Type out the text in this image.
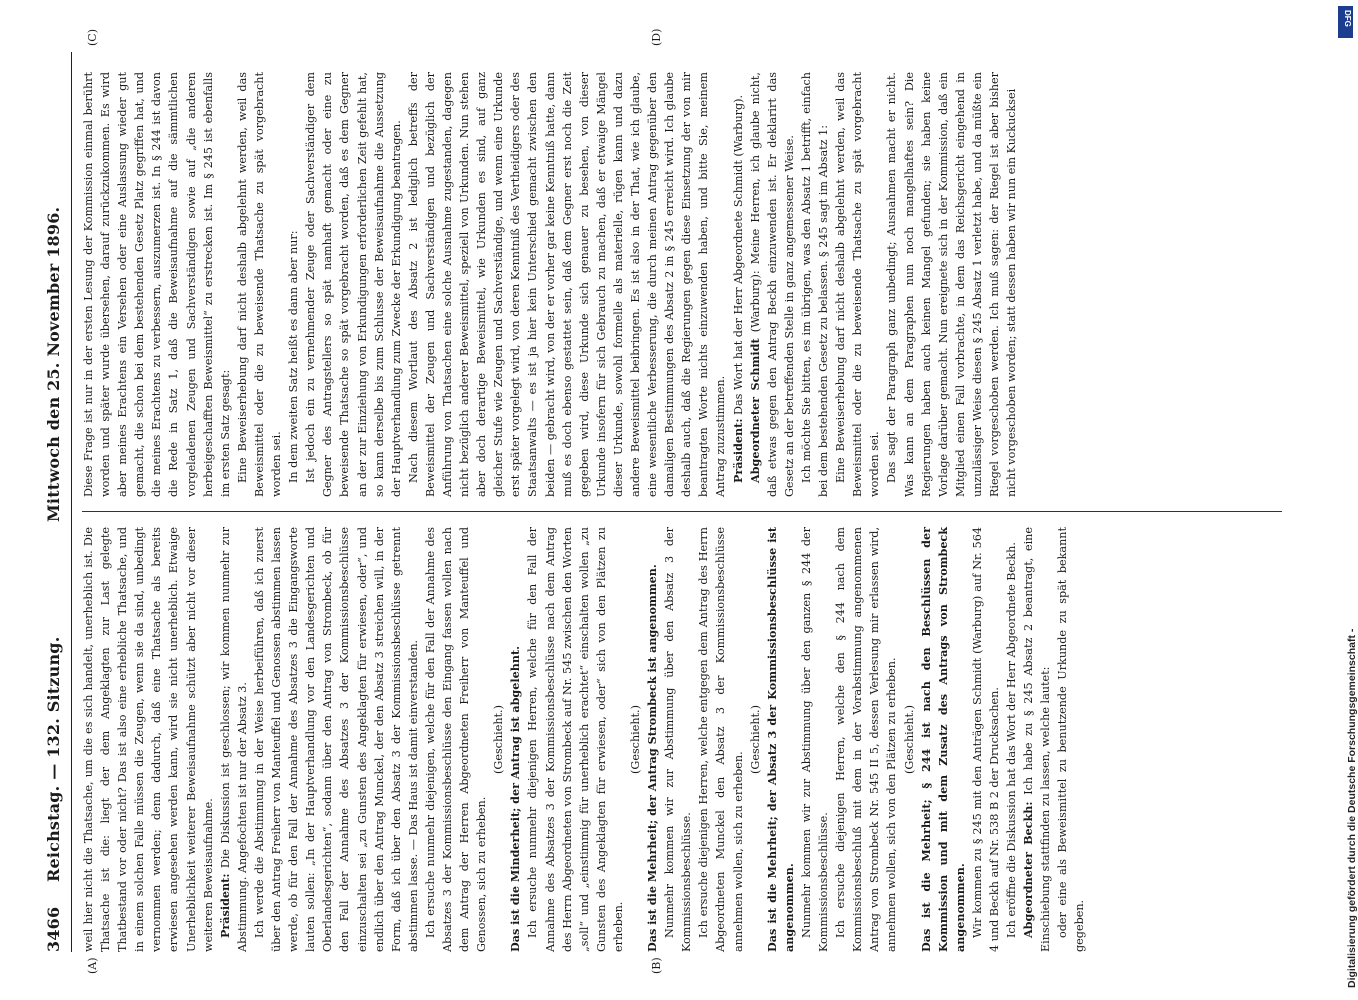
3466
Reichstag. — 132. Sitzung.
Mittwoch den 25. November 1896.
(A)	(B)
(C)	(D)

weil hier nicht die Thatsache, um die es sich handelt, unerheblich ist. Die Thatsache ist die: liegt der dem Angeklagten zur Last gelegte Thatbestand vor oder nicht? Das ist also eine erhebliche Thatsache, und in einem solchen Falle müssen die Zeugen, wenn sie da sind, unbedingt vernommen werden; denn dadurch, daß eine Thatsache als bereits erwiesen angesehen werden kann, wird sie nicht unerheblich. Etwaige Unerheblichkeit weiterer Beweisaufnahme schützt aber nicht vor dieser weiteren Beweisaufnahme. Präsident: Die Diskussion ist geschlossen; wir kommen nunmehr zur Abstimmung. Angefochten ist nur der Absatz 3. Ich werde die Abstimmung in der Weise herbeiführen, daß ich zuerst über den Antrag Freiherr von Manteuffel und Genossen abstimmen lassen werde, ob für den Fall der Annahme des Absatzes 3 die Eingangsworte lauten sollen: „In der Hauptverhandlung vor den Landesgerichten und Oberlandesgerichten“, sodann über den Antrag von Strombeck, ob für den Fall der Annahme des Absatzes 3 der Kommissionsbeschlüsse einzuschalten sei „zu Gunsten des Angeklagten für erwiesen, oder“, und endlich über den Antrag Munckel, der den Absatz 3 streichen will, in der Form, daß ich über den Absatz 3 der Kommissionsbeschlüsse getrennt abstimmen lasse. — Das Haus ist damit einverstanden. Ich ersuche nunmehr diejenigen, welche für den Fall der Annahme des Absatzes 3 der Kommissionsbeschlüsse den Eingang fassen wollen nach dem Antrag der Herren Abgeordneten Freiherr von Manteuffel und Genossen, sich zu erheben.

(Geschieht.) Das ist die Minderheit; der Antrag ist abgelehnt. Ich ersuche nunmehr diejenigen Herren, welche für den Fall der Annahme des Absatzes 3 der Kommissionsbeschlüsse nach dem Antrag des Herrn Abgeordneten von Strombeck auf Nr. 545 zwischen den Worten „soll“ und „einstimmig für unerheblich erachtet“ einschalten wollen „zu Gunsten des Angeklagten für erwiesen, oder“ sich von den Plätzen zu erheben.

(Geschieht.) Das ist die Mehrheit; der Antrag Strombeck ist angenommen. Nunmehr kommen wir zur Abstimmung über den Absatz 3 der Kommissionsbeschlüsse. Ich ersuche diejenigen Herren, welche entgegen dem Antrag des Herrn Abgeordneten Munckel den Absatz 3 der Kommissionsbeschlüsse annehmen wollen, sich zu erheben.

(Geschieht.) Das ist die Mehrheit; der Absatz 3 der Kommissionsbeschlüsse ist angenommen. Nunmehr kommen wir zur Abstimmung über den ganzen § 244 der Kommissionsbeschlüsse. Ich ersuche diejenigen Herren, welche den § 244 nach dem Kommissionsbeschluß mit dem in der Vorabstimmung angenommenen Antrag von Strombeck Nr. 545 II 5, dessen Verlesung mir erlassen wird, annehmen wollen, sich von den Plätzen zu erheben. (Geschieht.) Das ist die Mehrheit; § 244 ist nach den Beschlüssen der Kommission und mit dem Zusatz des Antrags von Strombeck angenommen. Wir kommen zu § 245 mit den Anträgen Schmidt (Warburg) auf Nr. 564 4 und Beckh auf Nr. 538 B 2 der Drucksachen. Ich eröffne die Diskussion hat das Wort der Herr Abgeordnete Beckh. Abgeordneter Beckh: Ich habe zu § 245 Absatz 2 beantragt, eine Einschiebung stattfinden zu lassen, welche lautet: oder eine als Beweismittel zu benutzende Urkunde zu spät bekannt gegeben.

Diese Frage ist nur in der ersten Lesung der Kommission einmal berührt worden und später wurde übersehen, darauf zurückzukommen. Es wird aber meines Erachtens ein Versehen oder eine Auslassung wieder gut gemacht, die schon bei dem bestehenden Gesetz Platz gegriffen hat, und die meines Erachtens zu verbessern, auszumerzen ist. In § 244 ist davon die Rede in Satz 1, daß die Beweisaufnahme auf die sämmtlichen vorgeladenen Zeugen und Sachverständigen sowie auf „die anderen herbeigeschafften Beweismittel“ zu erstrecken ist. Im § 245 ist ebenfalls im ersten Satz gesagt: Eine Beweiserhebung darf nicht deshalb abgelehnt werden, weil das Beweismittel oder die zu beweisende Thatsache zu spät vorgebracht worden sei. In dem zweiten Satz heißt es dann aber nur: Ist jedoch ein zu vernehmender Zeuge oder Sachverständiger dem Gegner des Antragstellers so spät namhaft gemacht oder eine zu beweisende Thatsache so spät vorgebracht worden, daß es dem Gegner an der zur Einziehung von Erkundigungen erforderlichen Zeit gefehlt hat, so kann derselbe bis zum Schlusse der Beweisaufnahme die Aussetzung der Hauptverhandlung zum Zwecke der Erkundigung beantragen. Nach diesem Wortlaut des Absatz 2 ist lediglich betreffs der Beweismittel der Zeugen und Sachverständigen und bezüglich der Anführung von Thatsachen eine solche Ausnahme zugestanden, dagegen nicht bezüglich anderer Beweismittel, speziell von Urkunden. Nun stehen aber doch derartige Beweismittel, wie Urkunden es sind, auf ganz gleicher Stufe wie Zeugen und Sachverständige, und wenn eine Urkunde erst später vorgelegt wird, von deren Kenntniß des Vertheidigers oder des Staatsanwalts — es ist ja hier kein Unterschied gemacht zwischen den beiden — gebracht wird, von der er vorher gar keine Kenntniß hatte, dann muß es doch ebenso gestattet sein, daß dem Gegner erst noch die Zeit gegeben wird, diese Urkunde sich genauer zu besehen, von dieser Urkunde insofern für sich Gebrauch zu machen, daß er etwaige Mängel dieser Urkunde, sowohl formelle als materielle, rügen kann und dazu andere Beweismittel beibringen. Es ist also in der That, wie ich glaube, eine wesentliche Verbesserung, die durch meinen Antrag gegenüber den damaligen Bestimmungen des Absatz 2 in § 245 erreicht wird. Ich glaube deshalb auch, daß die Regierungen gegen diese Einsetzung der von mir beantragten Worte nichts einzuwenden haben, und bitte Sie, meinem Antrag zuzustimmen. Präsident: Das Wort hat der Herr Abgeordnete Schmidt (Warburg). Abgeordneter Schmidt (Warburg): Meine Herren, ich glaube nicht, daß etwas gegen den Antrag Beckh einzuwenden ist. Er deklarirt das Gesetz an der betreffenden Stelle in ganz angemessener Weise. Ich möchte Sie bitten, es im übrigen, was den Absatz 1 betrifft, einfach bei dem bestehenden Gesetz zu belassen. § 245 sagt im Absatz 1: Eine Beweiserhebung darf nicht deshalb abgelehnt werden, weil das Beweismittel oder die zu beweisende Thatsache zu spät vorgebracht worden sei. Das sagt der Paragraph ganz unbedingt; Ausnahmen macht er nicht. Was kann an dem Paragraphen nun noch mangelhaftes sein? Die Regierungen haben auch keinen Mangel gefunden; sie haben keine Vorlage darüber gemacht. Nun ereignete sich in der Kommission, daß ein Mitglied einen Fall vorbrachte, in dem das Reichsgericht eingehend in unzulässiger Weise diesen § 245 Absatz 1 verletzt habe, und da müßte ein Riegel vorgeschoben werden. Ich muß sagen: der Riegel ist aber bisher nicht vorgeschoben worden; statt dessen haben wir nun ein Kuckucksei

Digitalisierung gefördert durch die Deutsche Forschungsgemeinschaft -
DFG
